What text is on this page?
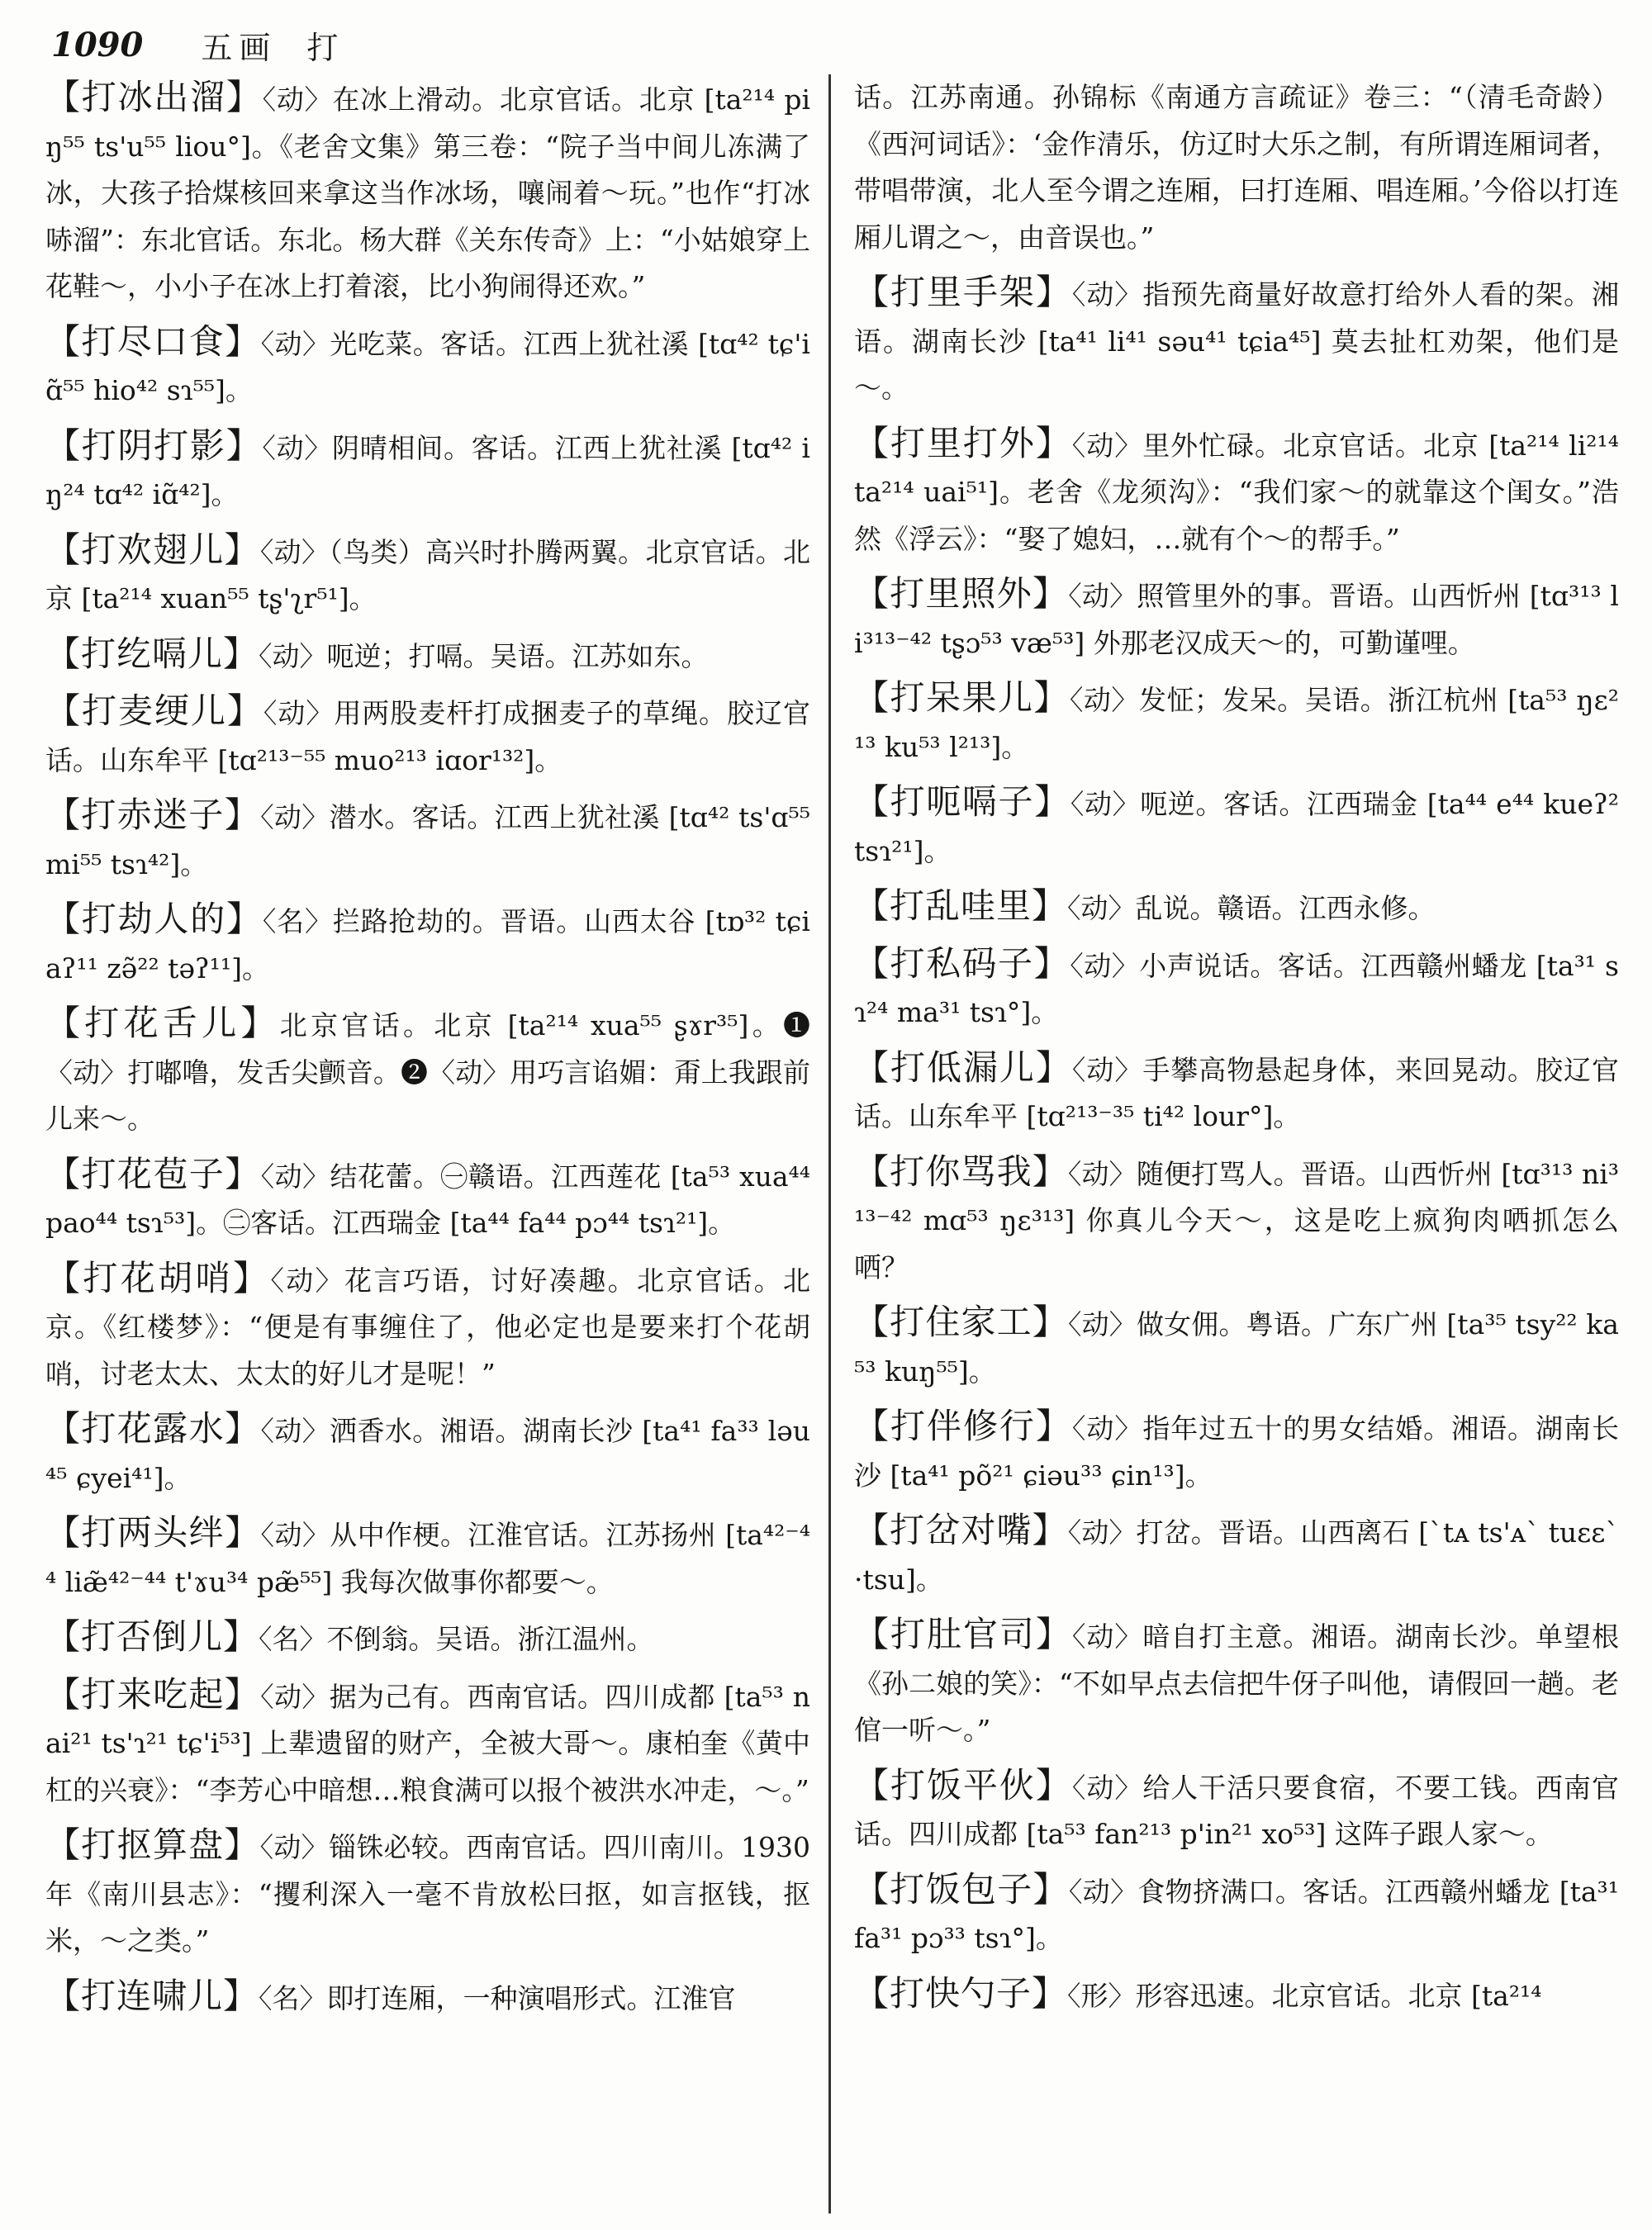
1090 五画 打
【打冰出溜】〈动〉在冰上滑动。北京官话。北京 [ta²¹⁴ piŋ⁵⁵ ts'u⁵⁵ liou°]。《老舍文集》第三卷：“院子当中间儿冻满了冰，大孩子拾煤核回来拿这当作冰场，嚷闹着～玩。”也作“打冰哧溜”：东北官话。东北。杨大群《关东传奇》上：“小姑娘穿上花鞋～，小小子在冰上打着滚，比小狗闹得还欢。”
【打尽口食】〈动〉光吃菜。客话。江西上犹社溪 [tɑ⁴² tɕ'iɑ̃⁵⁵ hio⁴² sɿ⁵⁵]。
【打阴打影】〈动〉阴晴相间。客话。江西上犹社溪 [tɑ⁴² iŋ²⁴ tɑ⁴² iɑ̃⁴²]。
【打欢翅儿】〈动〉（鸟类）高兴时扑腾两翼。北京官话。北京 [ta²¹⁴ xuan⁵⁵ tʂ'ʅr⁵¹]。
【打纥嗝儿】〈动〉呃逆；打嗝。吴语。江苏如东。
【打麦绠儿】〈动〉用两股麦杆打成捆麦子的草绳。胶辽官话。山东牟平 [tɑ²¹³⁻⁵⁵ muo²¹³ iɑor¹³²]。
【打赤迷子】〈动〉潜水。客话。江西上犹社溪 [tɑ⁴² ts'ɑ⁵⁵ mi⁵⁵ tsɿ⁴²]。
【打劫人的】〈名〉拦路抢劫的。晋语。山西太谷 [tɒ³² tɕiaʔ¹¹ zə̃²² təʔ¹¹]。
【打花舌儿】北京官话。北京 [ta²¹⁴ xua⁵⁵ ʂɤr³⁵]。❶〈动〉打嘟噜，发舌尖颤音。❷〈动〉用巧言谄媚：甭上我跟前儿来～。
【打花苞子】〈动〉结花蕾。㊀赣语。江西莲花 [ta⁵³ xua⁴⁴ pao⁴⁴ tsɿ⁵³]。㊁客话。江西瑞金 [ta⁴⁴ fa⁴⁴ pɔ⁴⁴ tsɿ²¹]。
【打花胡哨】〈动〉花言巧语，讨好凑趣。北京官话。北京。《红楼梦》：“便是有事缠住了，他必定也是要来打个花胡哨，讨老太太、太太的好儿才是呢！”
【打花露水】〈动〉洒香水。湘语。湖南长沙 [ta⁴¹ fa³³ ləu⁴⁵ ɕyei⁴¹]。
【打两头绊】〈动〉从中作梗。江淮官话。江苏扬州 [ta⁴²⁻⁴⁴ liæ̃⁴²⁻⁴⁴ t'ɤu³⁴ pæ̃⁵⁵] 我每次做事你都要～。
【打否倒儿】〈名〉不倒翁。吴语。浙江温州。
【打来吃起】〈动〉据为己有。西南官话。四川成都 [ta⁵³ nai²¹ ts'ɿ²¹ tɕ'i⁵³] 上辈遗留的财产，全被大哥～。康柏奎《黄中杠的兴衰》：“李芳心中暗想…粮食满可以报个被洪水冲走，～。”
【打抠算盘】〈动〉锱铢必较。西南官话。四川南川。1930年《南川县志》：“攫利深入一毫不肯放松曰抠，如言抠钱，抠米，～之类。”
【打连啸儿】〈名〉即打连厢，一种演唱形式。江淮官
话。江苏南通。孙锦标《南通方言疏证》卷三：“（清毛奇龄）《西河词话》：‘金作清乐，仿辽时大乐之制，有所谓连厢词者，带唱带演，北人至今谓之连厢，曰打连厢、唱连厢。’今俗以打连厢儿谓之～，由音误也。”
【打里手架】〈动〉指预先商量好故意打给外人看的架。湘语。湖南长沙 [ta⁴¹ li⁴¹ səu⁴¹ tɕia⁴⁵] 莫去扯杠劝架，他们是～。
【打里打外】〈动〉里外忙碌。北京官话。北京 [ta²¹⁴ li²¹⁴ ta²¹⁴ uai⁵¹]。老舍《龙须沟》：“我们家～的就靠这个闺女。”浩然《浮云》：“娶了媳妇，…就有个～的帮手。”
【打里照外】〈动〉照管里外的事。晋语。山西忻州 [tɑ³¹³ li³¹³⁻⁴² tʂɔ⁵³ væ⁵³] 外那老汉成天～的，可勤谨哩。
【打呆果儿】〈动〉发怔；发呆。吴语。浙江杭州 [ta⁵³ ŋɛ²¹³ ku⁵³ l²¹³]。
【打呃嗝子】〈动〉呃逆。客话。江西瑞金 [ta⁴⁴ e⁴⁴ kueʔ² tsɿ²¹]。
【打乱哇里】〈动〉乱说。赣语。江西永修。
【打私码子】〈动〉小声说话。客话。江西赣州蟠龙 [ta³¹ sɿ²⁴ ma³¹ tsɿ°]。
【打低漏儿】〈动〉手攀高物悬起身体，来回晃动。胶辽官话。山东牟平 [tɑ²¹³⁻³⁵ ti⁴² lour°]。
【打你骂我】〈动〉随便打骂人。晋语。山西忻州 [tɑ³¹³ ni³¹³⁻⁴² mɑ⁵³ ŋɛ³¹³] 你真儿今天～，这是吃上疯狗肉哂抓怎么哂？
【打住家工】〈动〉做女佣。粤语。广东广州 [ta³⁵ tsy²² ka⁵³ kuŋ⁵⁵]。
【打伴修行】〈动〉指年过五十的男女结婚。湘语。湖南长沙 [ta⁴¹ põ²¹ ɕiəu³³ ɕin¹³]。
【打岔对嘴】〈动〉打岔。晋语。山西离石 [ˋtᴀ ts'ᴀˋ tuɛɛˋ ·tsu]。
【打肚官司】〈动〉暗自打主意。湘语。湖南长沙。单望根《孙二娘的笑》：“不如早点去信把牛伢子叫他，请假回一趟。老倌一听～。”
【打饭平伙】〈动〉给人干活只要食宿，不要工钱。西南官话。四川成都 [ta⁵³ fan²¹³ p'in²¹ xo⁵³] 这阵子跟人家～。
【打饭包子】〈动〉食物挤满口。客话。江西赣州蟠龙 [ta³¹ fa³¹ pɔ³³ tsɿ°]。
【打快勺子】〈形〉形容迅速。北京官话。北京 [ta²¹⁴
